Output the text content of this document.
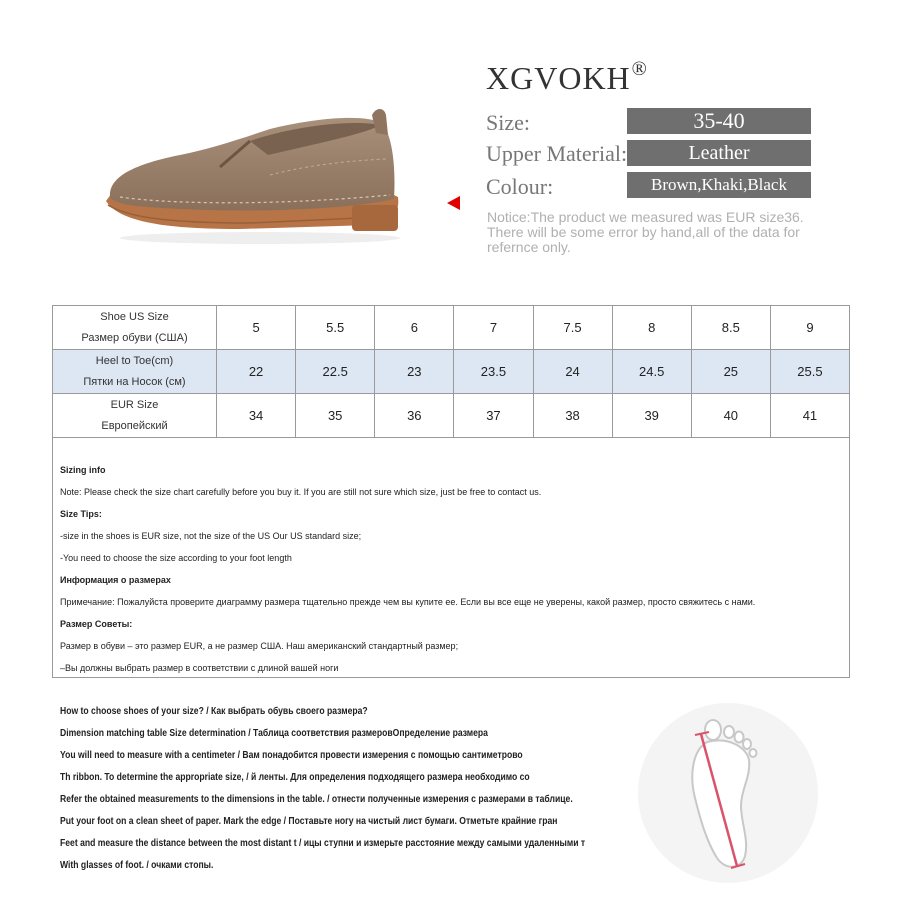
XGVOKH®
Size:	35-40
Upper Material:	Leather
Colour:	Brown,Khaki,Black
Notice:The product we measured was EUR size36. There will be some error by hand,all of the data for refernce only.
Shoe US Size
Размер обуви (США)	5	5.5	6	7	7.5	8	8.5	9

Heel to Toe(cm)
Пятки на Носок (см)	22	22.5	23	23.5	24	24.5	25	25.5

EUR Size
Европейский	34	35	36	37	38	39	40	41
Sizing info
Note: Please check the size chart carefully before you buy it. If you are still not sure which size, just be free to contact us.
Size Tips:
-size in the shoes is EUR size, not the size of the US Our US standard size;
-You need to choose the size according to your foot length
Информация о размерах
Примечание: Пожалуйста проверите диаграмму размера тщательно прежде чем вы купите ее. Если вы все еще не уверены, какой размер, просто свяжитесь с нами.
Размер Советы:
Размер в обуви – это размер EUR, а не размер США. Наш американский стандартный размер;
–Вы должны выбрать размер в соответствии с длиной вашей ноги
How to choose shoes of your size? / Как выбрать обувь своего размера?
Dimension matching table Size determination / Таблица соответствия размеровОпределение размера
You will need to measure with a centimeter / Вам понадобится провести измерения с помощью сантиметрово
Th ribbon. To determine the appropriate size, / й ленты. Для определения подходящего размера необходимо со
Refer the obtained measurements to the dimensions in the table. / отнести полученные измерения с размерами в таблице.
Put your foot on a clean sheet of paper. Mark the edge / Поставьте ногу на чистый лист бумаги. Отметьте крайние гран
Feet and measure the distance between the most distant t / ицы ступни и измерьте расстояние между самыми удаленными т
With glasses of foot. / очками стопы.
